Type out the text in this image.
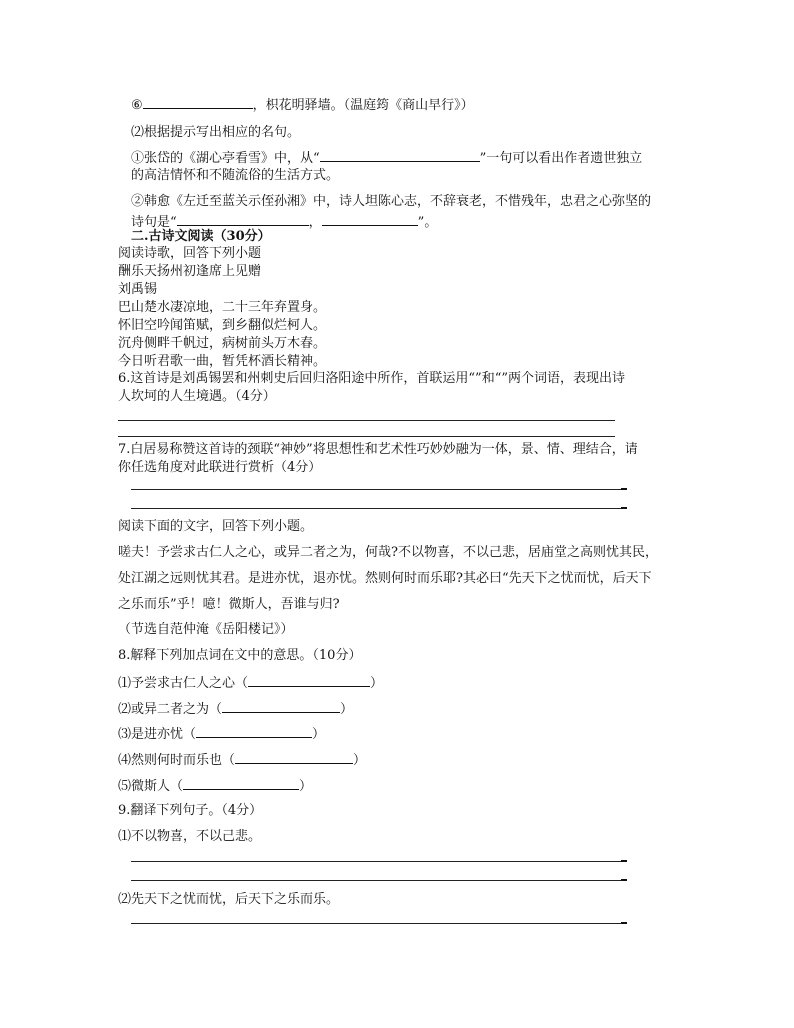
⑥	，枳花明驿墙。（温庭筠《商山早行》）
⑵根据提示写出相应的名句。
①张岱的《湖心亭看雪》中，从“	”一句可以看出作者遗世独立
的高洁情怀和不随流俗的生活方式。
②韩愈《左迁至蓝关示侄孙湘》中，诗人坦陈心志，不辞衰老，不惜残年，忠君之心弥坚的
诗句是“	，	”。
二.古诗文阅读（30分）
阅读诗歌，回答下列小题
酬乐天扬州初逢席上见赠
刘禹锡
巴山楚水凄凉地，二十三年弃置身。
怀旧空吟闻笛赋，到乡翻似烂柯人。
沉舟侧畔千帆过，病树前头万木春。
今日听君歌一曲，暂凭杯酒长精神。
6.这首诗是刘禹锡罢和州刺史后回归洛阳途中所作，首联运用“”和“”两个词语，表现出诗
人坎坷的人生境遇。（4分）
7.白居易称赞这首诗的颈联“神妙”将思想性和艺术性巧妙妙融为一体，景、情、理结合，请
你任选角度对此联进行赏析（4分）
阅读下面的文字，回答下列小题。
嗟夫！予尝求古仁人之心，或异二者之为，何哉?不以物喜，不以己悲，居庙堂之高则忧其民，
处江湖之远则忧其君。是进亦忧，退亦忧。然则何时而乐耶?其必曰“先天下之忧而忧，后天下
之乐而乐”乎！噫！微斯人，吾谁与归?
（节选自范仲淹《岳阳楼记》）
8.解释下列加点词在文中的意思。（10分）
⑴予尝求古仁人之心（	）
⑵或异二者之为（	）
⑶是进亦忧（	）
⑷然则何时而乐也（	）
⑸微斯人（	）
9.翻译下列句子。（4分）
⑴不以物喜，不以己悲。
⑵先天下之忧而忧，后天下之乐而乐。
